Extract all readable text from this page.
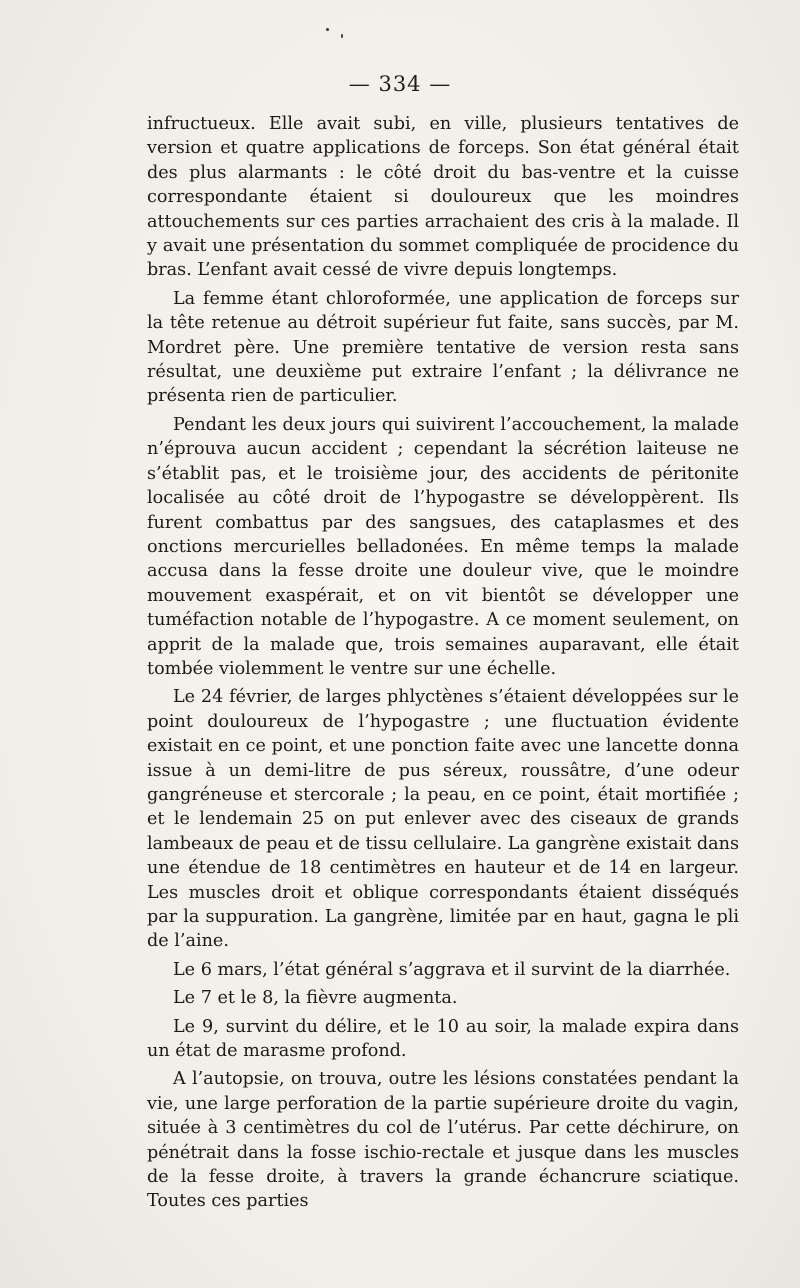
— 334 —

infructueux. Elle avait subi, en ville, plusieurs tentatives de version et quatre applications de forceps. Son état général était des plus alarmants : le côté droit du bas-ventre et la cuisse correspondante étaient si douloureux que les moindres attouchements sur ces parties arrachaient des cris à la malade. Il y avait une présentation du sommet compliquée de procidence du bras. L’enfant avait cessé de vivre depuis longtemps.

La femme étant chloroformée, une application de forceps sur la tête retenue au détroit supérieur fut faite, sans succès, par M. Mordret père. Une première tentative de version resta sans résultat, une deuxième put extraire l’enfant ; la délivrance ne présenta rien de particulier.

Pendant les deux jours qui suivirent l’accouchement, la malade n’éprouva aucun accident ; cependant la sécrétion laiteuse ne s’établit pas, et le troisième jour, des accidents de péritonite localisée au côté droit de l’hypogastre se développèrent. Ils furent combattus par des sangsues, des cataplasmes et des onctions mercurielles belladonées. En même temps la malade accusa dans la fesse droite une douleur vive, que le moindre mouvement exaspérait, et on vit bientôt se développer une tuméfaction notable de l’hypogastre. A ce moment seulement, on apprit de la malade que, trois semaines auparavant, elle était tombée violemment le ventre sur une échelle.

Le 24 février, de larges phlyctènes s’étaient développées sur le point douloureux de l’hypogastre ; une fluctuation évidente existait en ce point, et une ponction faite avec une lancette donna issue à un demi-litre de pus séreux, roussâtre, d’une odeur gangréneuse et stercorale ; la peau, en ce point, était mortifiée ; et le lendemain 25 on put enlever avec des ciseaux de grands lambeaux de peau et de tissu cellulaire. La gangrène existait dans une étendue de 18 centimètres en hauteur et de 14 en largeur. Les muscles droit et oblique correspondants étaient disséqués par la suppuration. La gangrène, limitée par en haut, gagna le pli de l’aine.

Le 6 mars, l’état général s’aggrava et il survint de la diarrhée.

Le 7 et le 8, la fièvre augmenta.

Le 9, survint du délire, et le 10 au soir, la malade expira dans un état de marasme profond.

A l’autopsie, on trouva, outre les lésions constatées pendant la vie, une large perforation de la partie supérieure droite du vagin, située à 3 centimètres du col de l’utérus. Par cette déchirure, on pénétrait dans la fosse ischio-rectale et jusque dans les muscles de la fesse droite, à travers la grande échancrure sciatique. Toutes ces parties
